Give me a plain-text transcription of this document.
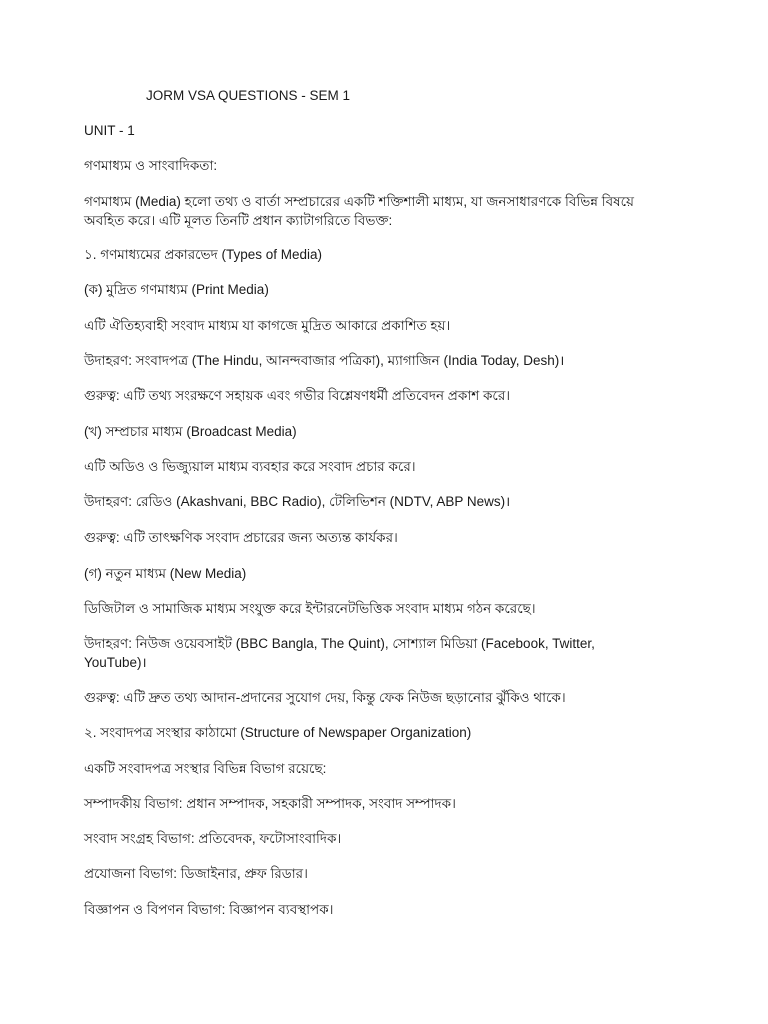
JORM VSA QUESTIONS - SEM 1
UNIT - 1
গণমাধ্যম ও সাংবাদিকতা:
গণমাধ্যম (Media) হলো তথ্য ও বার্তা সম্প্রচারের একটি শক্তিশালী মাধ্যম, যা জনসাধারণকে বিভিন্ন বিষয়ে
অবহিত করে। এটি মূলত তিনটি প্রধান ক্যাটাগরিতে বিভক্ত:
১. গণমাধ্যমের প্রকারভেদ (Types of Media)
(ক) মুদ্রিত গণমাধ্যম (Print Media)
এটি ঐতিহ্যবাহী সংবাদ মাধ্যম যা কাগজে মুদ্রিত আকারে প্রকাশিত হয়।
উদাহরণ: সংবাদপত্র (The Hindu, আনন্দবাজার পত্রিকা), ম্যাগাজিন (India Today, Desh)।
গুরুত্ব: এটি তথ্য সংরক্ষণে সহায়ক এবং গভীর বিশ্লেষণধর্মী প্রতিবেদন প্রকাশ করে।
(খ) সম্প্রচার মাধ্যম (Broadcast Media)
এটি অডিও ও ভিজ্যুয়াল মাধ্যম ব্যবহার করে সংবাদ প্রচার করে।
উদাহরণ: রেডিও (Akashvani, BBC Radio), টেলিভিশন (NDTV, ABP News)।
গুরুত্ব: এটি তাৎক্ষণিক সংবাদ প্রচারের জন্য অত্যন্ত কার্যকর।
(গ) নতুন মাধ্যম (New Media)
ডিজিটাল ও সামাজিক মাধ্যম সংযুক্ত করে ইন্টারনেটভিত্তিক সংবাদ মাধ্যম গঠন করেছে।
উদাহরণ: নিউজ ওয়েবসাইট (BBC Bangla, The Quint), সোশ্যাল মিডিয়া (Facebook, Twitter,
YouTube)।
গুরুত্ব: এটি দ্রুত তথ্য আদান-প্রদানের সুযোগ দেয়, কিন্তু ফেক নিউজ ছড়ানোর ঝুঁকিও থাকে।
২. সংবাদপত্র সংস্থার কাঠামো (Structure of Newspaper Organization)
একটি সংবাদপত্র সংস্থার বিভিন্ন বিভাগ রয়েছে:
সম্পাদকীয় বিভাগ: প্রধান সম্পাদক, সহকারী সম্পাদক, সংবাদ সম্পাদক।
সংবাদ সংগ্রহ বিভাগ: প্রতিবেদক, ফটোসাংবাদিক।
প্রযোজনা বিভাগ: ডিজাইনার, প্রুফ রিডার।
বিজ্ঞাপন ও বিপণন বিভাগ: বিজ্ঞাপন ব্যবস্থাপক।
